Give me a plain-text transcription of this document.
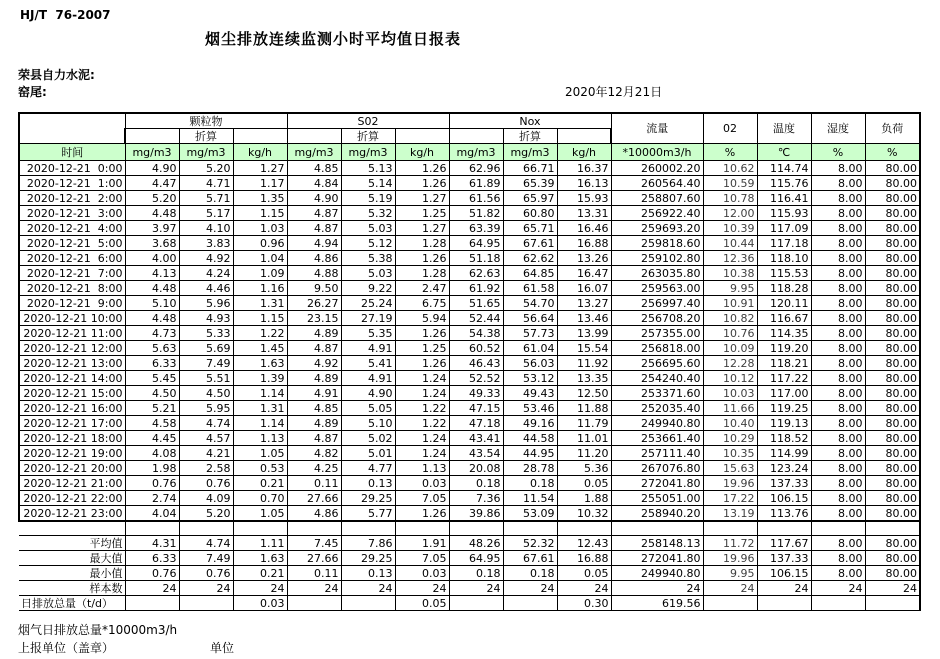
HJ/T  76-2007
烟尘排放连续监测小时平均值日报表
荣县自力水泥:
窑尾:	2020年12月21日
	颗粒物			S02			Nox			流量	02	温度	湿度	负荷
		折算			折算			折算						
时间	mg/m3	mg/m3	kg/h	mg/m3	mg/m3	kg/h	mg/m3	mg/m3	kg/h	*10000m3/h	%	℃	%	%
2020-12-21  0:00	4.90	5.20	1.27	4.85	5.13	1.26	62.96	66.71	16.37	260002.20	10.62	114.74	8.00	80.00
2020-12-21  1:00	4.47	4.71	1.17	4.84	5.14	1.26	61.89	65.39	16.13	260564.40	10.59	115.76	8.00	80.00
2020-12-21  2:00	5.20	5.71	1.35	4.90	5.19	1.27	61.56	65.97	15.93	258807.60	10.78	116.41	8.00	80.00
2020-12-21  3:00	4.48	5.17	1.15	4.87	5.32	1.25	51.82	60.80	13.31	256922.40	12.00	115.93	8.00	80.00
2020-12-21  4:00	3.97	4.10	1.03	4.87	5.03	1.27	63.39	65.71	16.46	259693.20	10.39	117.09	8.00	80.00
2020-12-21  5:00	3.68	3.83	0.96	4.94	5.12	1.28	64.95	67.61	16.88	259818.60	10.44	117.18	8.00	80.00
2020-12-21  6:00	4.00	4.92	1.04	4.86	5.38	1.26	51.18	62.62	13.26	259102.80	12.36	118.10	8.00	80.00
2020-12-21  7:00	4.13	4.24	1.09	4.88	5.03	1.28	62.63	64.85	16.47	263035.80	10.38	115.53	8.00	80.00
2020-12-21  8:00	4.48	4.46	1.16	9.50	9.22	2.47	61.92	61.58	16.07	259563.00	9.95	118.28	8.00	80.00
2020-12-21  9:00	5.10	5.96	1.31	26.27	25.24	6.75	51.65	54.70	13.27	256997.40	10.91	120.11	8.00	80.00
2020-12-21 10:00	4.48	4.93	1.15	23.15	27.19	5.94	52.44	56.64	13.46	256708.20	10.82	116.67	8.00	80.00
2020-12-21 11:00	4.73	5.33	1.22	4.89	5.35	1.26	54.38	57.73	13.99	257355.00	10.76	114.35	8.00	80.00
2020-12-21 12:00	5.63	5.69	1.45	4.87	4.91	1.25	60.52	61.04	15.54	256818.00	10.09	119.20	8.00	80.00
2020-12-21 13:00	6.33	7.49	1.63	4.92	5.41	1.26	46.43	56.03	11.92	256695.60	12.28	118.21	8.00	80.00
2020-12-21 14:00	5.45	5.51	1.39	4.89	4.91	1.24	52.52	53.12	13.35	254240.40	10.12	117.22	8.00	80.00
2020-12-21 15:00	4.50	4.50	1.14	4.91	4.90	1.24	49.33	49.43	12.50	253371.60	10.03	117.00	8.00	80.00
2020-12-21 16:00	5.21	5.95	1.31	4.85	5.05	1.22	47.15	53.46	11.88	252035.40	11.66	119.25	8.00	80.00
2020-12-21 17:00	4.58	4.74	1.14	4.89	5.10	1.22	47.18	49.16	11.79	249940.80	10.40	119.13	8.00	80.00
2020-12-21 18:00	4.45	4.57	1.13	4.87	5.02	1.24	43.41	44.58	11.01	253661.40	10.29	118.52	8.00	80.00
2020-12-21 19:00	4.08	4.21	1.05	4.82	5.01	1.24	43.54	44.95	11.20	257111.40	10.35	114.99	8.00	80.00
2020-12-21 20:00	1.98	2.58	0.53	4.25	4.77	1.13	20.08	28.78	5.36	267076.80	15.63	123.24	8.00	80.00
2020-12-21 21:00	0.76	0.76	0.21	0.11	0.13	0.03	0.18	0.18	0.05	272041.80	19.96	137.33	8.00	80.00
2020-12-21 22:00	2.74	4.09	0.70	27.66	29.25	7.05	7.36	11.54	1.88	255051.00	17.22	106.15	8.00	80.00
2020-12-21 23:00	4.04	5.20	1.05	4.86	5.77	1.26	39.86	53.09	10.32	258940.20	13.19	113.76	8.00	80.00

平均值	4.31	4.74	1.11	7.45	7.86	1.91	48.26	52.32	12.43	258148.13	11.72	117.67	8.00	80.00
最大值	6.33	7.49	1.63	27.66	29.25	7.05	64.95	67.61	16.88	272041.80	19.96	137.33	8.00	80.00
最小值	0.76	0.76	0.21	0.11	0.13	0.03	0.18	0.18	0.05	249940.80	9.95	106.15	8.00	80.00
样本数	24	24	24	24	24	24	24	24	24	24	24	24	24	24
日排放总量（t/d）			0.03			0.05			0.30	619.56				
烟气日排放总量*10000m3/h
上报单位（盖章）	单位
